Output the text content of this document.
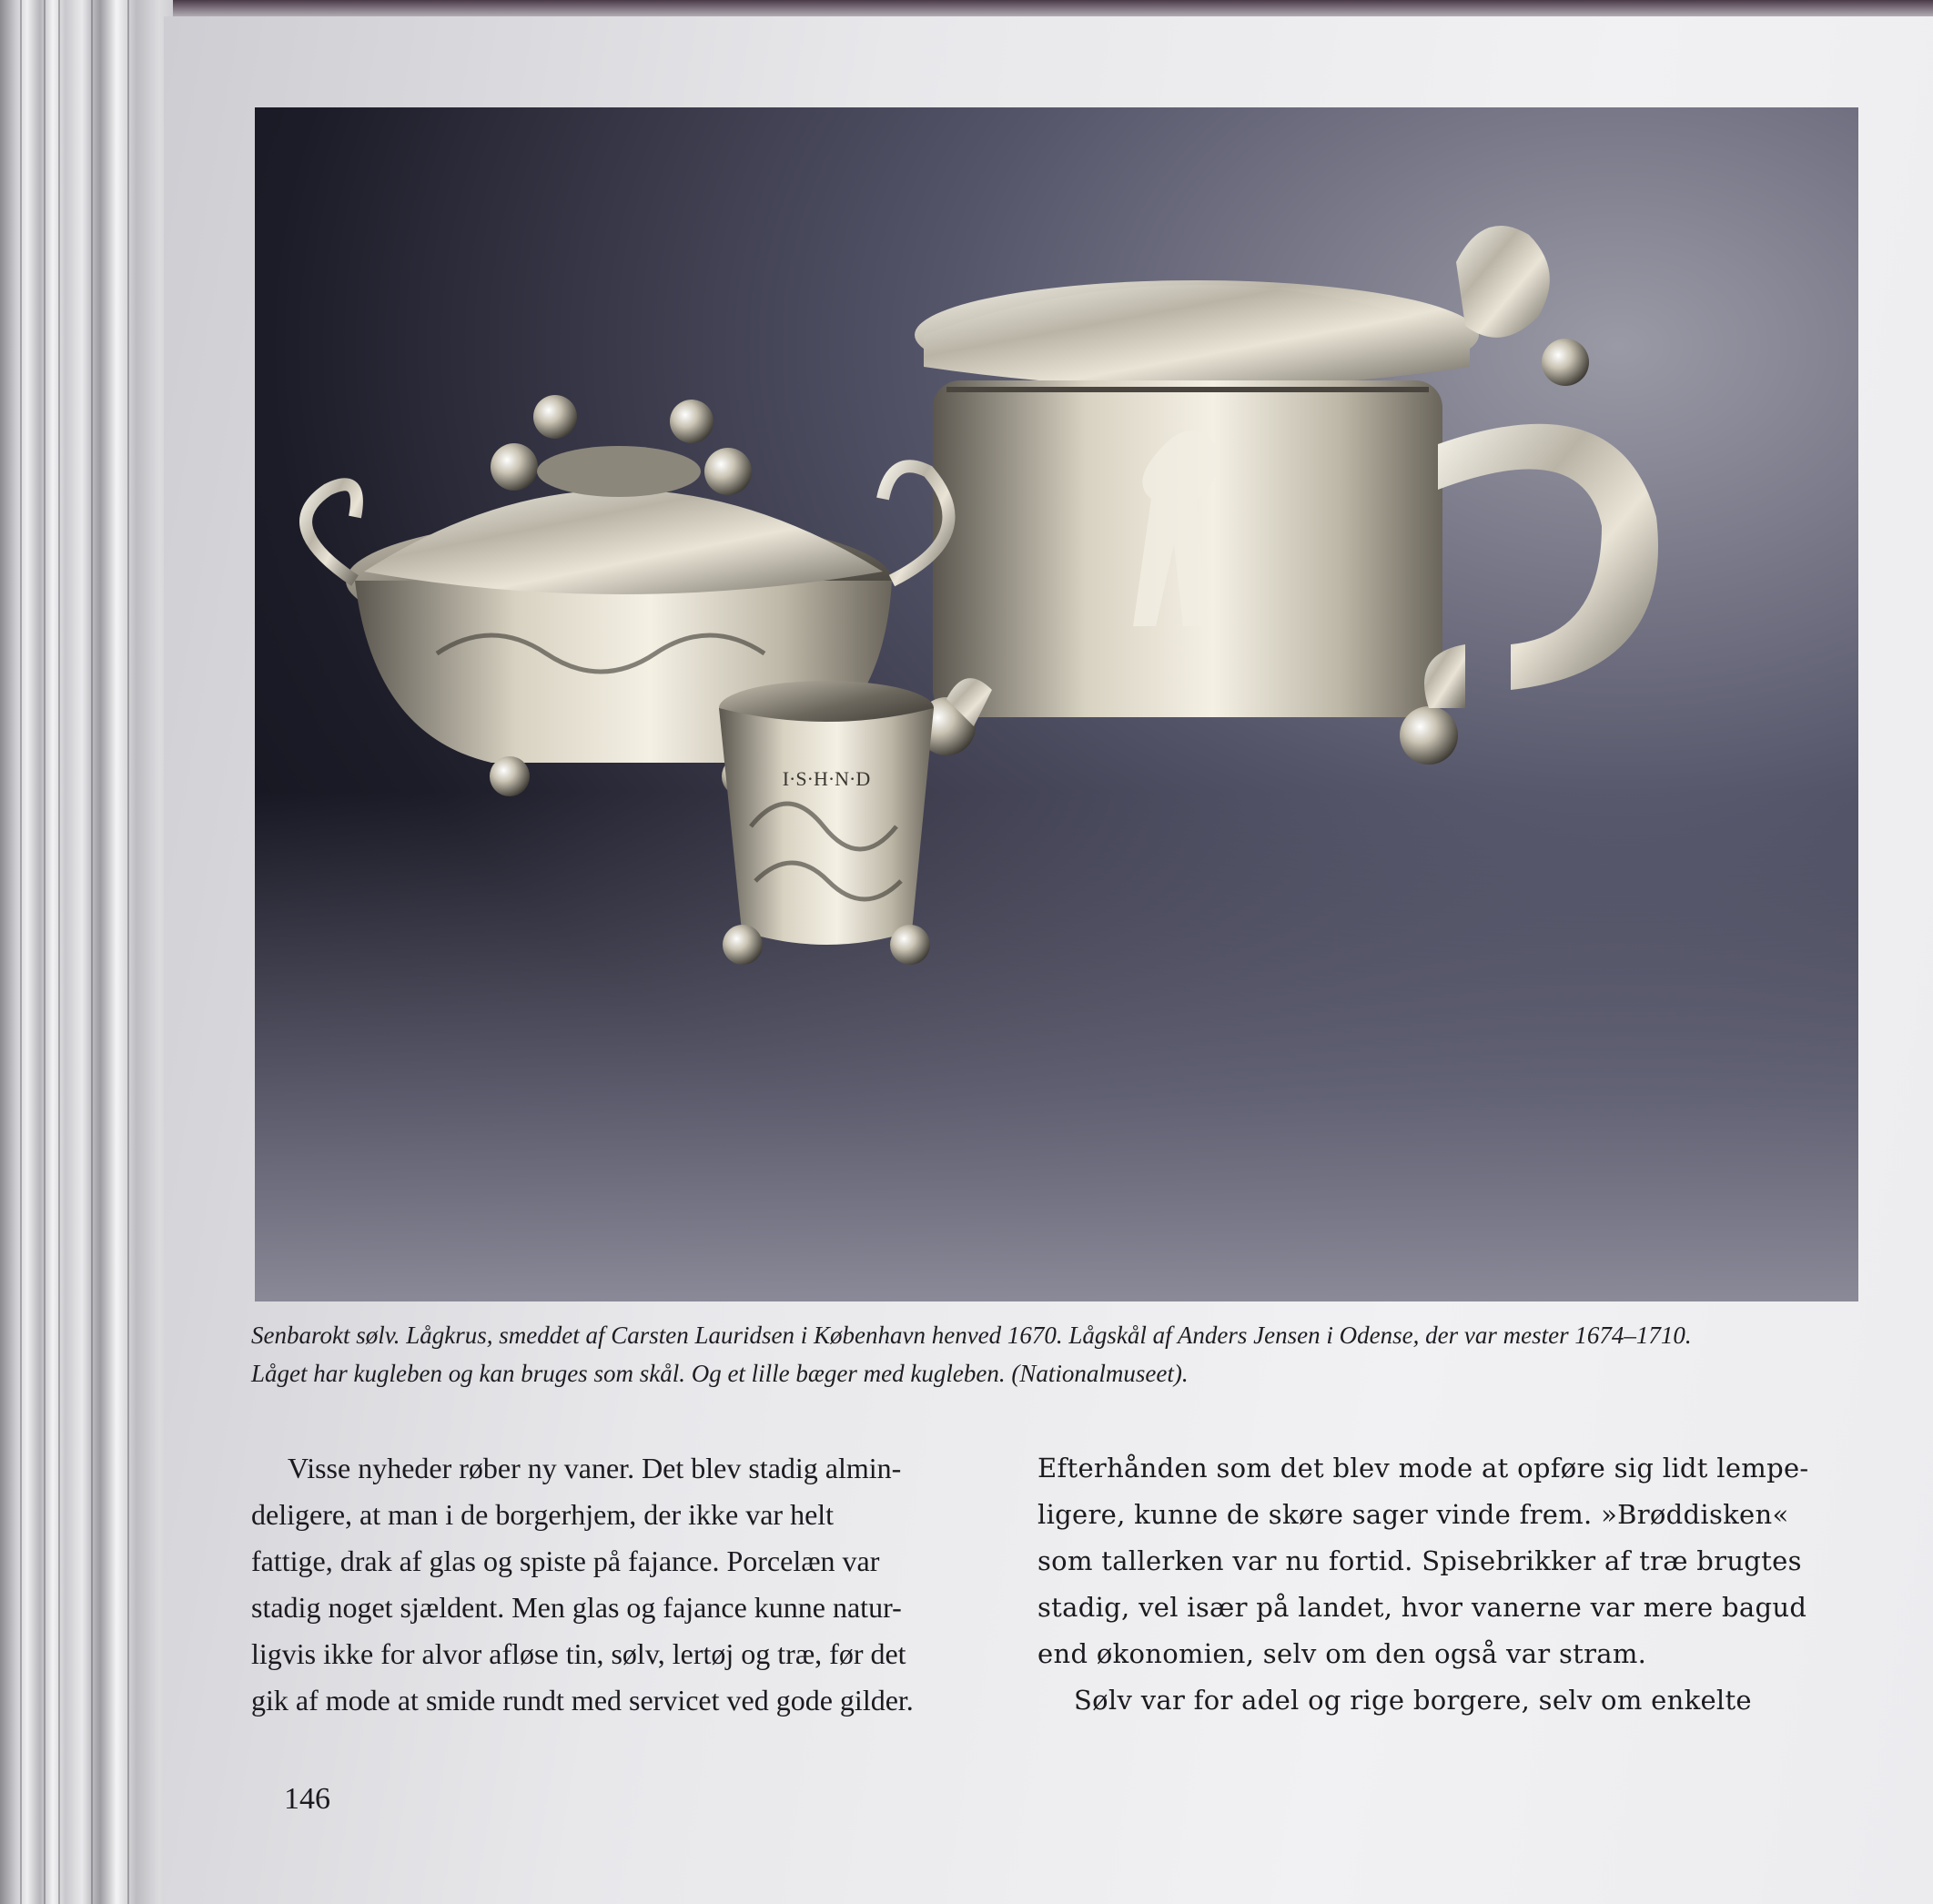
I·S·H·N·D
Senbarokt sølv. Lågkrus, smeddet af Carsten Lauridsen i København henved 1670. Lågskål af Anders Jensen i Odense, der var mester 1674–1710.
Låget har kugleben og kan bruges som skål. Og et lille bæger med kugleben. (Nationalmuseet).
Visse nyheder røber ny vaner. Det blev stadig almin-
deligere, at man i de borgerhjem, der ikke var helt
fattige, drak af glas og spiste på fajance. Porcelæn var
stadig noget sjældent. Men glas og fajance kunne natur-
ligvis ikke for alvor afløse tin, sølv, lertøj og træ, før det
gik af mode at smide rundt med servicet ved gode gilder.
Efterhånden som det blev mode at opføre sig lidt lempe-
ligere, kunne de skøre sager vinde frem. »Brøddisken«
som tallerken var nu fortid. Spisebrikker af træ brugtes
stadig, vel især på landet, hvor vanerne var mere bagud
end økonomien, selv om den også var stram.
Sølv var for adel og rige borgere, selv om enkelte
146
